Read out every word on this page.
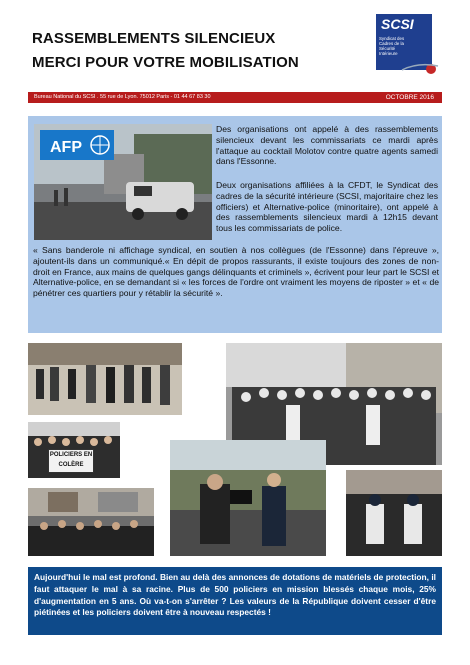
RASSEMBLEMENTS SILENCIEUX
MERCI POUR VOTRE MOBILISATION
SCSI
Syndicat des Cadres de la Sécurité Intérieure
Bureau National du SCSI . 55 rue de Lyon. 75012 Paris - 01 44 67 83 30	OCTOBRE 2016
AFP

Des organisations ont appelé à des rassemblements silencieux devant les commissariats ce mardi après l'attaque au cocktail Molotov contre quatre agents samedi dans l'Essonne.

Deux organisations affiliées à la CFDT, le Syndicat des cadres de la sécurité intérieure (SCSI, majoritaire chez les officiers) et Alternative-police (minoritaire), ont appelé à des rassemblements silencieux mardi à 12h15 devant tous les commissariats de police.

« Sans banderole ni affichage syndical, en soutien à nos collègues (de l'Essonne) dans l'épreuve », ajoutent-ils dans un communiqué.« En dépit de propos rassurants, il existe toujours des zones de non-droit en France, aux mains de quelques gangs délinquants et criminels », écrivent pour leur part le SCSI et Alternative-police, en se demandant si « les forces de l'ordre ont vraiment les moyens de riposter » et « de pénétrer ces quartiers pour y rétablir la sécurité ».

POLICIERS EN COLÈRE

Aujourd'hui le mal est profond. Bien au delà des annonces de dotations de matériels de protection, il faut attaquer le mal à sa racine. Plus de 500 policiers en mission blessés chaque mois, 25% d'augmentation en 5 ans. Où va-t-on s'arrêter ? Les valeurs de la République doivent cesser d'être piétinées et les policiers doivent être à nouveau respectés !
